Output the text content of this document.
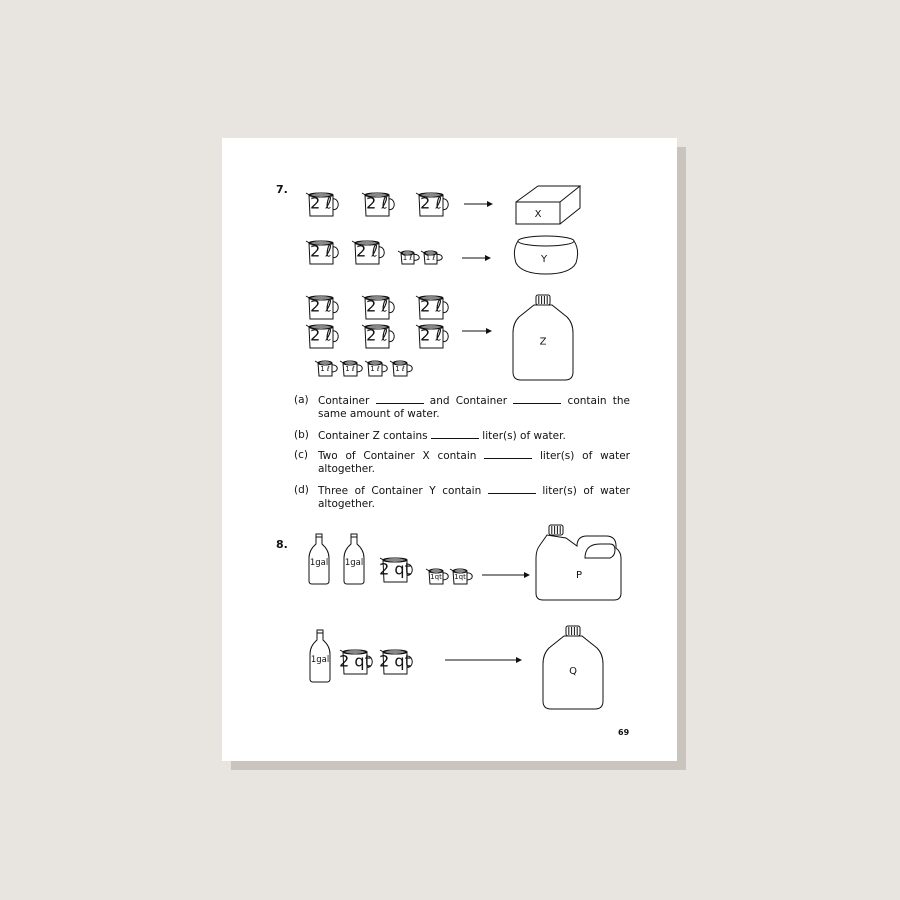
2 ℓ 2 ℓ 2 ℓ
X
2 ℓ 2 ℓ	1 ℓ 1 ℓ	Y
2 ℓ 2 ℓ 2 ℓ
2 ℓ 2 ℓ 2 ℓ
1 ℓ 1 ℓ 1 ℓ 1 ℓ
Z
1gal 1gal 2 qt	1qt 1qt	P
1gal 2 qt 2 qt
Q
7.
(a) Container	and Container	contain the same amount of water.
(b) Container Z contains	liter(s) of water.
(c) Two of Container X contain	liter(s) of water altogether.
(d) Three of Container Y contain	liter(s) of water altogether.
8.
69
